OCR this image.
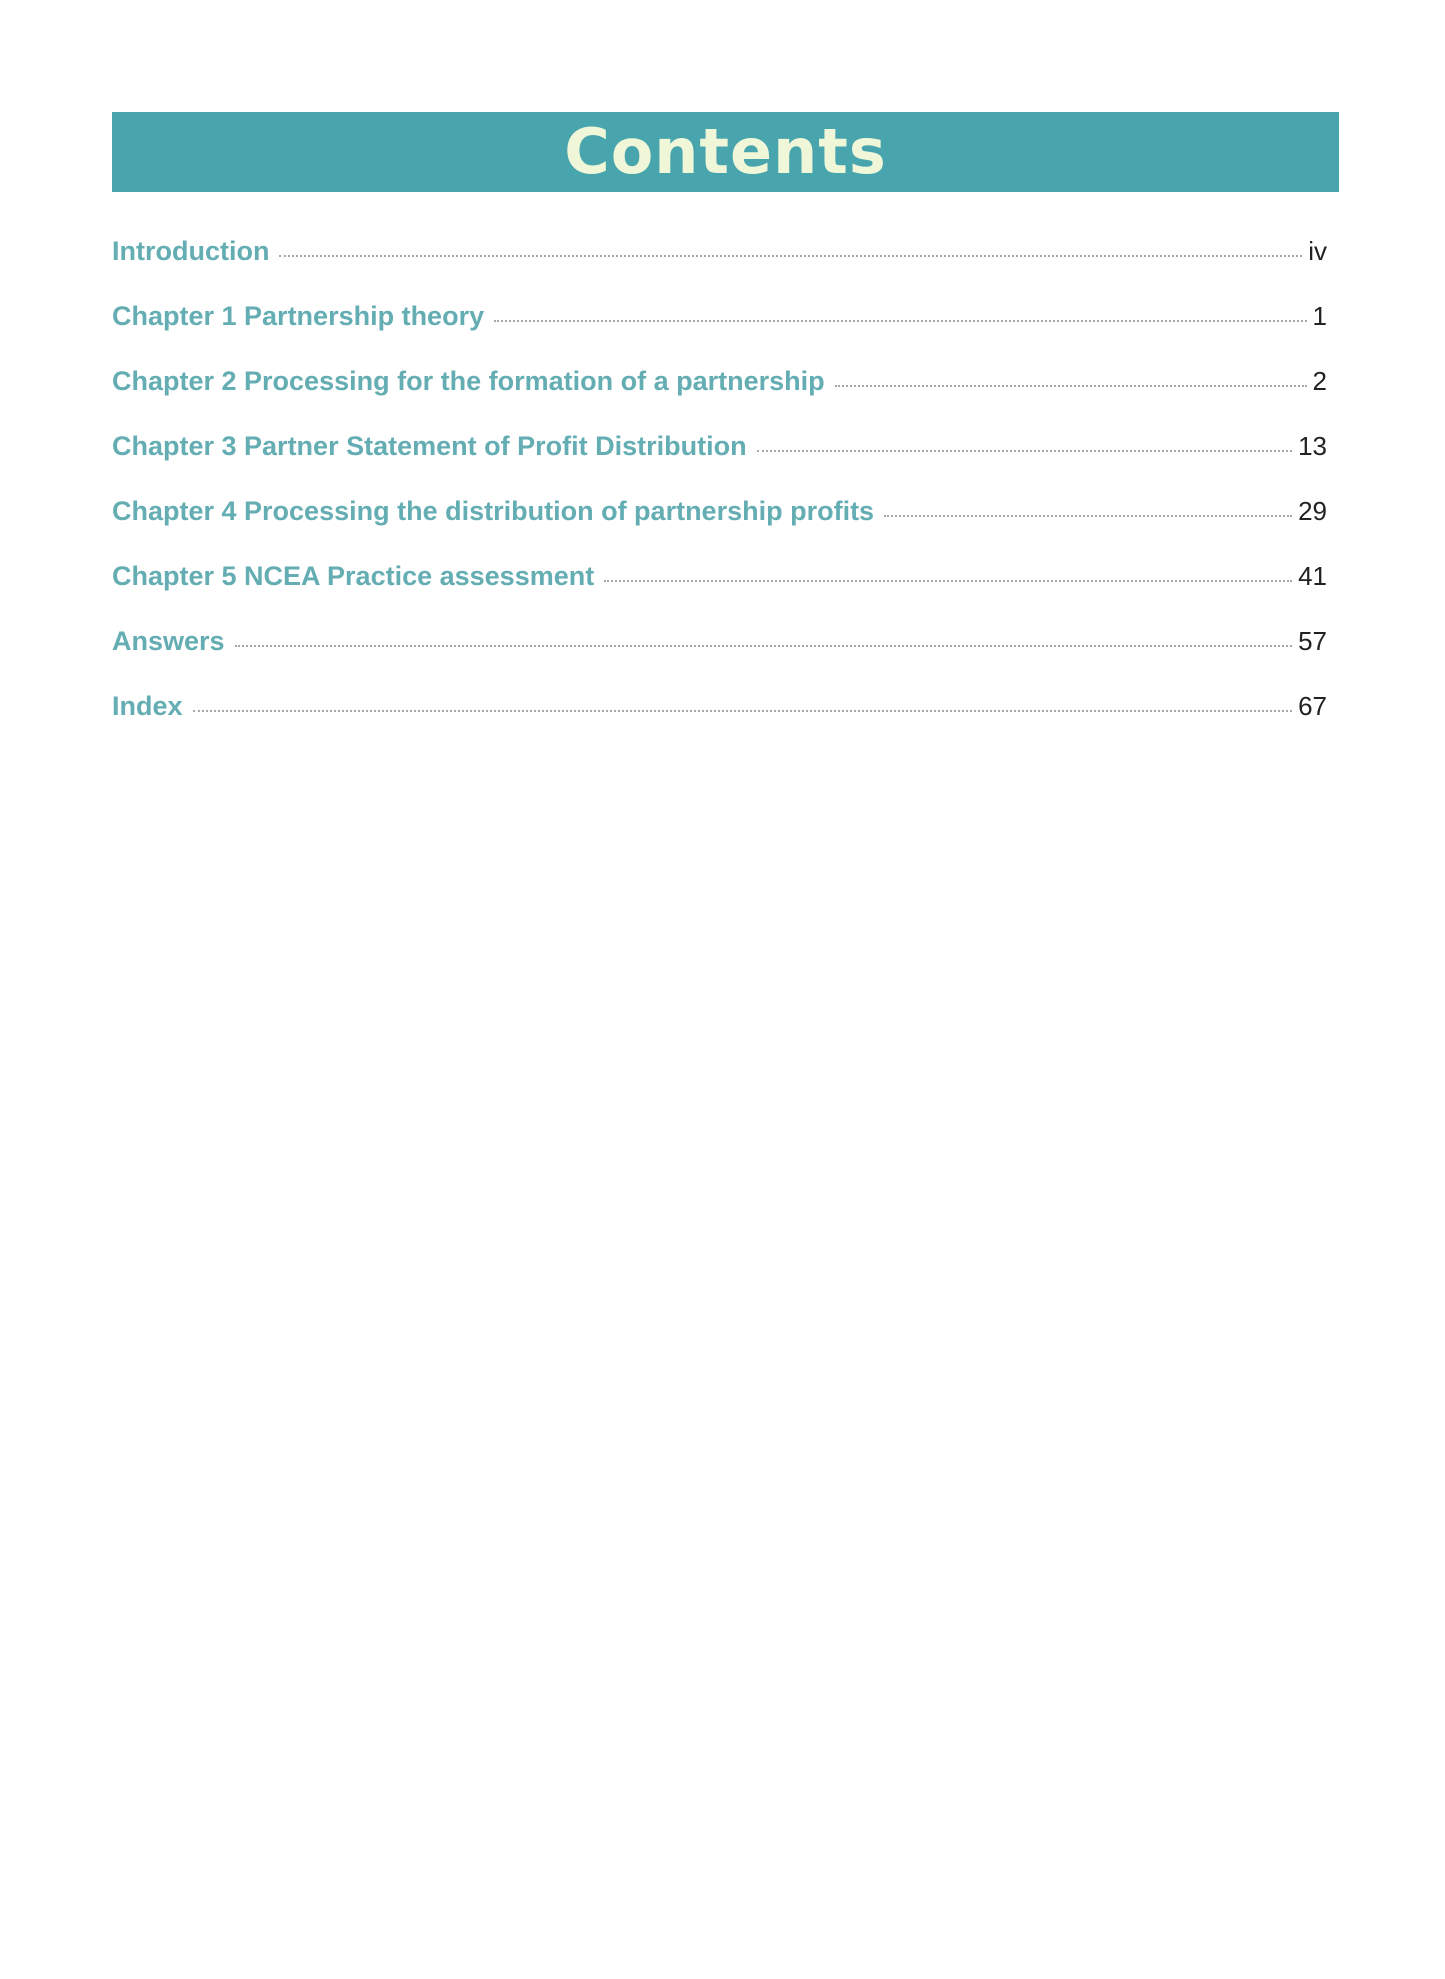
Contents
Introduction	iv
Chapter 1 Partnership theory	1
Chapter 2 Processing for the formation of a partnership	2
Chapter 3 Partner Statement of Profit Distribution	13
Chapter 4 Processing the distribution of partnership profits	29
Chapter 5 NCEA Practice assessment	41
Answers	57
Index	67
